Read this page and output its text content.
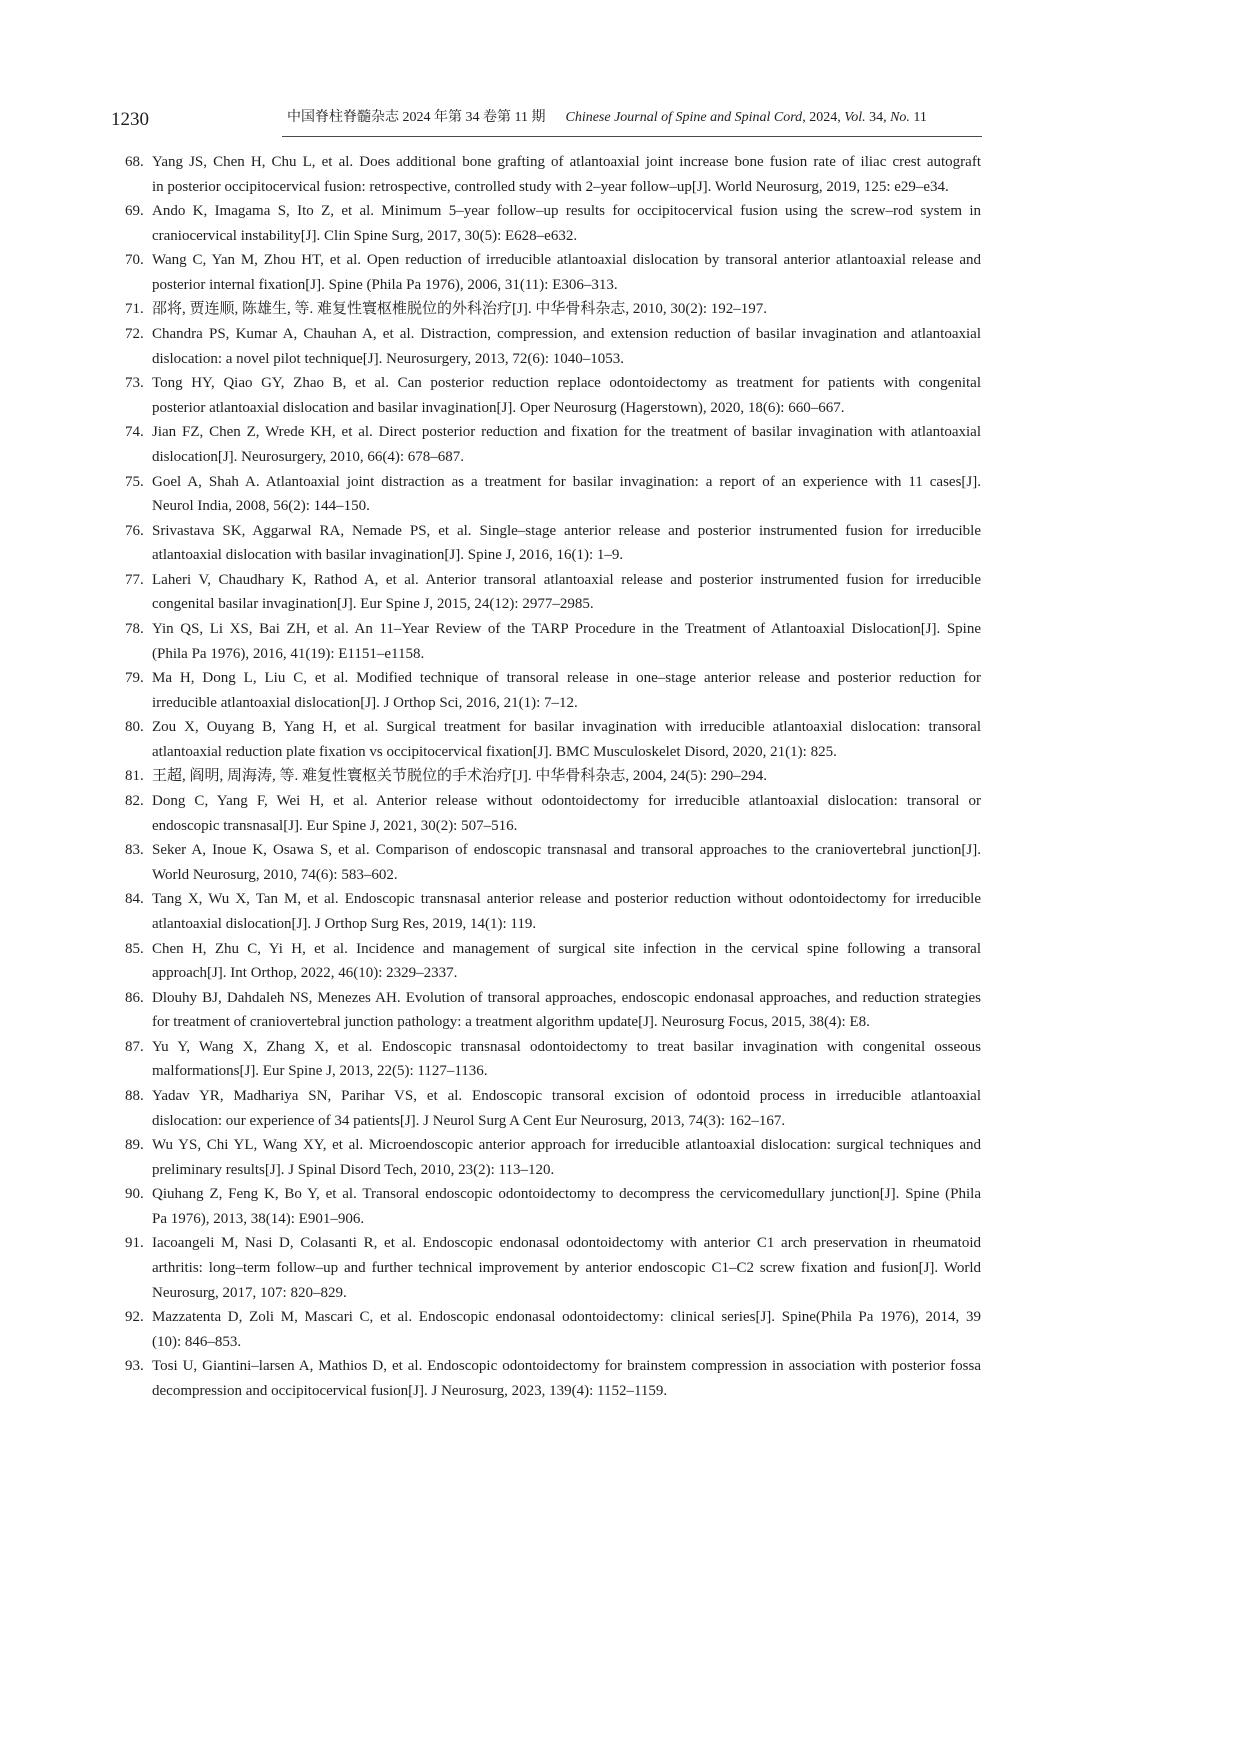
1230	中国脊柱脊髓杂志 2024 年第 34 卷第 11 期 Chinese Journal of Spine and Spinal Cord, 2024, Vol. 34, No. 11
68. Yang JS, Chen H, Chu L, et al. Does additional bone grafting of atlantoaxial joint increase bone fusion rate of iliac crest autograft
in posterior occipitocervical fusion: retrospective, controlled study with 2–year follow–up[J]. World Neurosurg, 2019, 125: e29–e34.
69. Ando K, Imagama S, Ito Z, et al. Minimum 5–year follow–up results for occipitocervical fusion using the screw–rod system in
craniocervical instability[J]. Clin Spine Surg, 2017, 30(5): E628–e632.
70. Wang C, Yan M, Zhou HT, et al. Open reduction of irreducible atlantoaxial dislocation by transoral anterior atlantoaxial release and
posterior internal fixation[J]. Spine (Phila Pa 1976), 2006, 31(11): E306–313.
71. 邵将, 贾连顺, 陈雄生, 等. 难复性寰枢椎脱位的外科治疗[J]. 中华骨科杂志, 2010, 30(2): 192–197.
72. Chandra PS, Kumar A, Chauhan A, et al. Distraction, compression, and extension reduction of basilar invagination and atlantoaxial
dislocation: a novel pilot technique[J]. Neurosurgery, 2013, 72(6): 1040–1053.
73. Tong HY, Qiao GY, Zhao B, et al. Can posterior reduction replace odontoidectomy as treatment for patients with congenital
posterior atlantoaxial dislocation and basilar invagination[J]. Oper Neurosurg (Hagerstown), 2020, 18(6): 660–667.
74. Jian FZ, Chen Z, Wrede KH, et al. Direct posterior reduction and fixation for the treatment of basilar invagination with atlantoaxial
dislocation[J]. Neurosurgery, 2010, 66(4): 678–687.
75. Goel A, Shah A. Atlantoaxial joint distraction as a treatment for basilar invagination: a report of an experience with 11 cases[J].
Neurol India, 2008, 56(2): 144–150.
76. Srivastava SK, Aggarwal RA, Nemade PS, et al. Single–stage anterior release and posterior instrumented fusion for irreducible
atlantoaxial dislocation with basilar invagination[J]. Spine J, 2016, 16(1): 1–9.
77. Laheri V, Chaudhary K, Rathod A, et al. Anterior transoral atlantoaxial release and posterior instrumented fusion for irreducible
congenital basilar invagination[J]. Eur Spine J, 2015, 24(12): 2977–2985.
78. Yin QS, Li XS, Bai ZH, et al. An 11–Year Review of the TARP Procedure in the Treatment of Atlantoaxial Dislocation[J]. Spine
(Phila Pa 1976), 2016, 41(19): E1151–e1158.
79. Ma H, Dong L, Liu C, et al. Modified technique of transoral release in one–stage anterior release and posterior reduction for
irreducible atlantoaxial dislocation[J]. J Orthop Sci, 2016, 21(1): 7–12.
80. Zou X, Ouyang B, Yang H, et al. Surgical treatment for basilar invagination with irreducible atlantoaxial dislocation: transoral
atlantoaxial reduction plate fixation vs occipitocervical fixation[J]. BMC Musculoskelet Disord, 2020, 21(1): 825.
81. 王超, 阎明, 周海涛, 等. 难复性寰枢关节脱位的手术治疗[J]. 中华骨科杂志, 2004, 24(5): 290–294.
82. Dong C, Yang F, Wei H, et al. Anterior release without odontoidectomy for irreducible atlantoaxial dislocation: transoral or
endoscopic transnasal[J]. Eur Spine J, 2021, 30(2): 507–516.
83. Seker A, Inoue K, Osawa S, et al. Comparison of endoscopic transnasal and transoral approaches to the craniovertebral junction[J].
World Neurosurg, 2010, 74(6): 583–602.
84. Tang X, Wu X, Tan M, et al. Endoscopic transnasal anterior release and posterior reduction without odontoidectomy for irreducible
atlantoaxial dislocation[J]. J Orthop Surg Res, 2019, 14(1): 119.
85. Chen H, Zhu C, Yi H, et al. Incidence and management of surgical site infection in the cervical spine following a transoral
approach[J]. Int Orthop, 2022, 46(10): 2329–2337.
86. Dlouhy BJ, Dahdaleh NS, Menezes AH. Evolution of transoral approaches, endoscopic endonasal approaches, and reduction strategies
for treatment of craniovertebral junction pathology: a treatment algorithm update[J]. Neurosurg Focus, 2015, 38(4): E8.
87. Yu Y, Wang X, Zhang X, et al. Endoscopic transnasal odontoidectomy to treat basilar invagination with congenital osseous
malformations[J]. Eur Spine J, 2013, 22(5): 1127–1136.
88. Yadav YR, Madhariya SN, Parihar VS, et al. Endoscopic transoral excision of odontoid process in irreducible atlantoaxial
dislocation: our experience of 34 patients[J]. J Neurol Surg A Cent Eur Neurosurg, 2013, 74(3): 162–167.
89. Wu YS, Chi YL, Wang XY, et al. Microendoscopic anterior approach for irreducible atlantoaxial dislocation: surgical techniques and
preliminary results[J]. J Spinal Disord Tech, 2010, 23(2): 113–120.
90. Qiuhang Z, Feng K, Bo Y, et al. Transoral endoscopic odontoidectomy to decompress the cervicomedullary junction[J]. Spine (Phila
Pa 1976), 2013, 38(14): E901–906.
91. Iacoangeli M, Nasi D, Colasanti R, et al. Endoscopic endonasal odontoidectomy with anterior C1 arch preservation in rheumatoid
arthritis: long–term follow–up and further technical improvement by anterior endoscopic C1–C2 screw fixation and fusion[J]. World
Neurosurg, 2017, 107: 820–829.
92. Mazzatenta D, Zoli M, Mascari C, et al. Endoscopic endonasal odontoidectomy: clinical series[J]. Spine(Phila Pa 1976), 2014, 39
(10): 846–853.
93. Tosi U, Giantini–larsen A, Mathios D, et al. Endoscopic odontoidectomy for brainstem compression in association with posterior fossa
decompression and occipitocervical fusion[J]. J Neurosurg, 2023, 139(4): 1152–1159.
